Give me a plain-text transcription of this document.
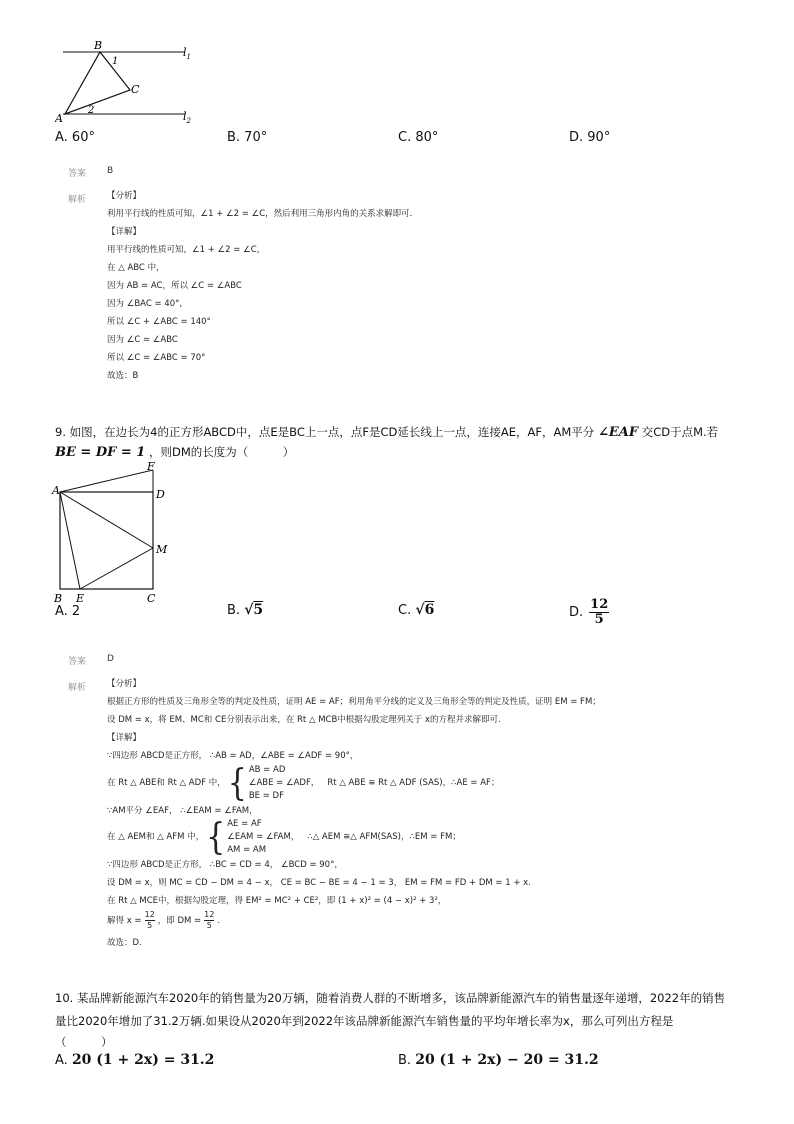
B
A
C
1
2
$l_1$
$l_2$
A. 60°	B. 70°	C. 80°	D. 90°
答案 B
解析 【分析】
利用平行线的性质可知，∠1 + ∠2 = ∠C，然后利用三角形内角的关系求解即可.
【详解】
用平行线的性质可知，∠1 + ∠2 = ∠C，
在 △ ABC 中，
因为 AB = AC，所以 ∠C = ∠ABC
因为 ∠BAC = 40°，
所以 ∠C + ∠ABC = 140°
因为 ∠C = ∠ABC
所以 ∠C = ∠ABC = 70°
故选：B
9. 如图，在边长为4的正方形ABCD中，点E是BC上一点，点F是CD延长线上一点，连接AE，AF，AM平分 ∠EAF 交CD于点M.若
BE = DF = 1 ，则DM的长度为（　　　）
F
A	D
M
B E	C
A. 2	B. √5	C. √6	D.
12
5
答案 D
解析 【分析】
根据正方形的性质及三角形全等的判定及性质，证明 AE = AF；利用角平分线的定义及三角形全等的判定及性质，证明 EM = FM；
设 DM = x，将 EM、MC和 CE分别表示出来，在 Rt △ MCB中根据勾股定理列关于 x的方程并求解即可.
【详解】
∵四边形 ABCD是正方形， ∴AB = AD，∠ABE = ∠ADF = 90°，
在 Rt △ ABE和 Rt △ ADF 中， { AB = AD
∠ABE = ∠ADF，
BE = DF
Rt △ ABE ≅ Rt △ ADF (SAS)，∴AE = AF；
∵AM平分 ∠EAF， ∴∠EAM = ∠FAM，
在 △ AEM和 △ AFM 中， { AE = AF
∠EAM = ∠FAM，
AM = AM
∴△ AEM ≅△ AFM(SAS)，∴EM = FM；
∵四边形 ABCD是正方形， ∴BC = CD = 4， ∠BCD = 90°，
设 DM = x，则 MC = CD − DM = 4 − x， CE = BC − BE = 4 − 1 = 3， EM = FM = FD + DM = 1 + x.
在 Rt △ MCE中，根据勾股定理，得 EM² = MC² + CE²，即 (1 + x)² = (4 − x)² + 3²，
解得 $x = \frac{12}{5}$ ，即 DM = $\frac{12}{5}$ .
故选：D.
10. 某品牌新能源汽车2020年的销售量为20万辆，随着消费人群的不断增多，该品牌新能源汽车的销售量逐年递增，2022年的销售
量比2020年增加了31.2万辆.如果设从2020年到2022年该品牌新能源汽车销售量的平均年增长率为x，那么可列出方程是
（　　　）
A. 20 (1 + 2x) = 31.2	B. 20 (1 + 2x) − 20 = 31.2
